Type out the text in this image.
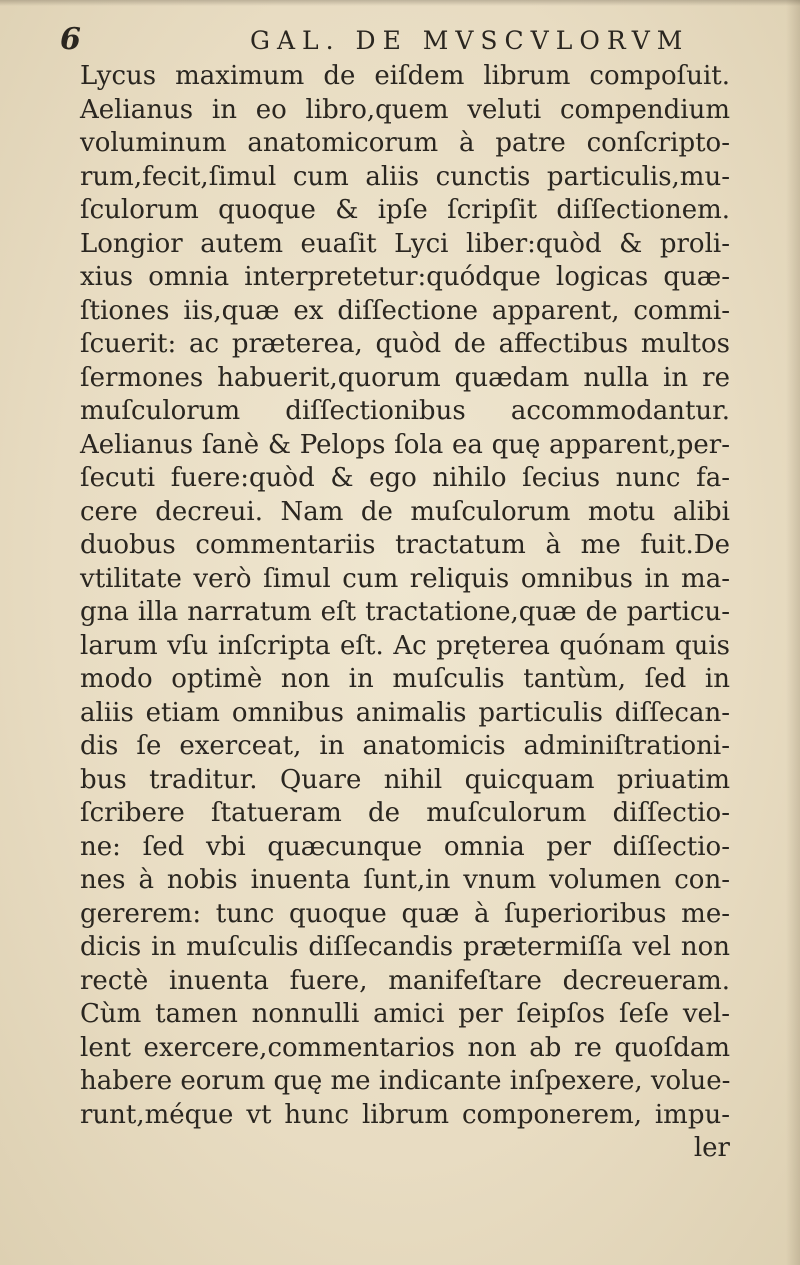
6	GAL. DE MVSCVLORVM
Lycus maximum de eiſdem librum compoſuit.
Aelianus in eo libro,quem veluti compendium
voluminum anatomicorum à patre conſcripto-
rum,fecit,ſimul cum aliis cunctis particulis,mu-
ſculorum quoque & ipſe ſcripſit diſſectionem.
Longior autem euaſit Lyci liber:quòd & proli-
xius omnia interpretetur:quódque logicas quæ-
ſtiones iis,quæ ex diſſectione apparent, commi-
ſcuerit: ac præterea, quòd de affectibus multos
ſermones habuerit,quorum quædam nulla in re
muſculorum diſſectionibus accommodantur.
Aelianus ſanè & Pelops ſola ea quę apparent,per-
ſecuti fuere:quòd & ego nihilo ſecius nunc fa-
cere decreui. Nam de muſculorum motu alibi
duobus commentariis tractatum à me fuit.De
vtilitate verò ſimul cum reliquis omnibus in ma-
gna illa narratum eſt tractatione,quæ de particu-
larum vſu inſcripta eſt. Ac pręterea quónam quis
modo optimè non in muſculis tantùm, ſed in
aliis etiam omnibus animalis particulis diſſecan-
dis ſe exerceat, in anatomicis adminiſtrationi-
bus traditur. Quare nihil quicquam priuatim
ſcribere ſtatueram de muſculorum diſſectio-
ne: ſed vbi quæcunque omnia per diſſectio-
nes à nobis inuenta ſunt,in vnum volumen con-
gererem: tunc quoque quæ à ſuperioribus me-
dicis in muſculis diſſecandis prætermiſſa vel non
rectè inuenta fuere, manifeſtare decreueram.
Cùm tamen nonnulli amici per ſeipſos ſeſe vel-
lent exercere,commentarios non ab re quoſdam
habere eorum quę me indicante inſpexere, volue-
runt,méque vt hunc librum componerem, impu-
ler
